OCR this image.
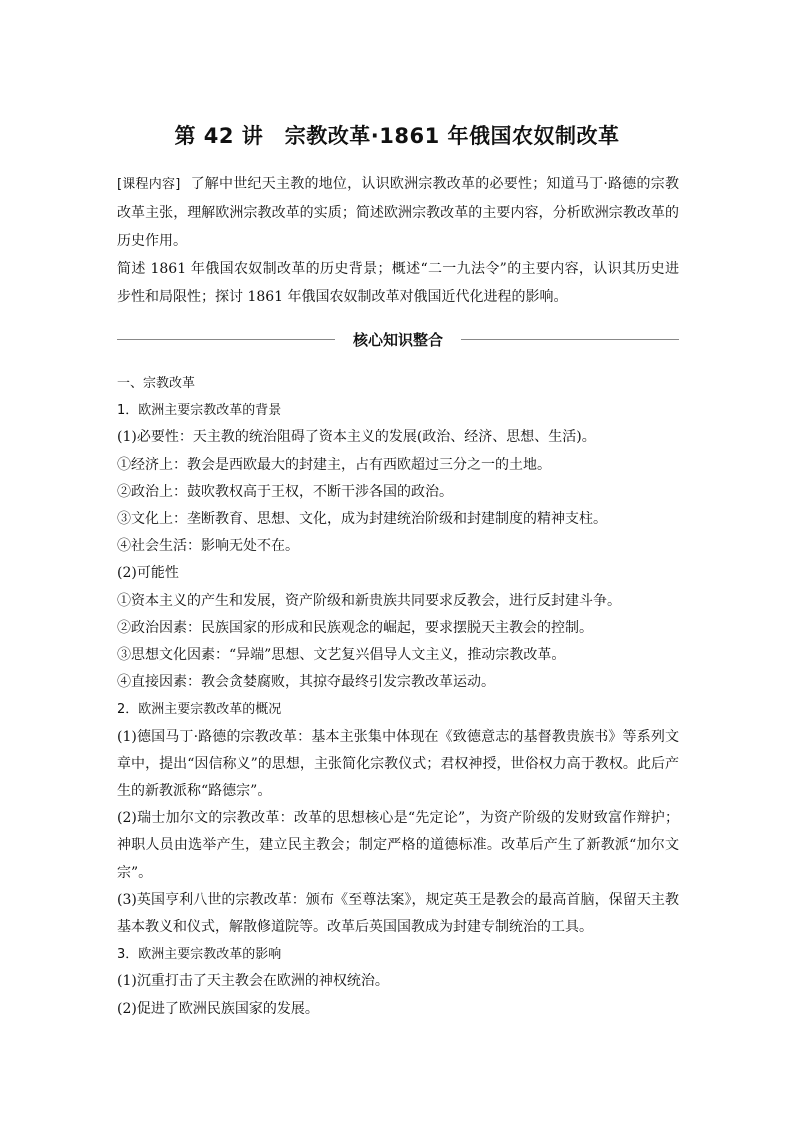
第 42 讲　宗教改革·1861 年俄国农奴制改革

[课程内容] 了解中世纪天主教的地位，认识欧洲宗教改革的必要性；知道马丁·路德的宗教改革主张，理解欧洲宗教改革的实质；简述欧洲宗教改革的主要内容，分析欧洲宗教改革的历史作用。

简述 1861 年俄国农奴制改革的历史背景；概述“二一九法令”的主要内容，认识其历史进步性和局限性；探讨 1861 年俄国农奴制改革对俄国近代化进程的影响。

核心知识整合

一、宗教改革

1．欧洲主要宗教改革的背景

(1)必要性：天主教的统治阻碍了资本主义的发展(政治、经济、思想、生活)。

①经济上：教会是西欧最大的封建主，占有西欧超过三分之一的土地。

②政治上：鼓吹教权高于王权，不断干涉各国的政治。

③文化上：垄断教育、思想、文化，成为封建统治阶级和封建制度的精神支柱。

④社会生活：影响无处不在。

(2)可能性

①资本主义的产生和发展，资产阶级和新贵族共同要求反教会，进行反封建斗争。

②政治因素：民族国家的形成和民族观念的崛起，要求摆脱天主教会的控制。

③思想文化因素：“异端”思想、文艺复兴倡导人文主义，推动宗教改革。

④直接因素：教会贪婪腐败，其掠夺最终引发宗教改革运动。

2．欧洲主要宗教改革的概况

(1)德国马丁·路德的宗教改革：基本主张集中体现在《致德意志的基督教贵族书》等系列文章中，提出“因信称义”的思想，主张简化宗教仪式；君权神授，世俗权力高于教权。此后产生的新教派称“路德宗”。

(2)瑞士加尔文的宗教改革：改革的思想核心是“先定论”，为资产阶级的发财致富作辩护；神职人员由选举产生，建立民主教会；制定严格的道德标准。改革后产生了新教派“加尔文宗”。

(3)英国亨利八世的宗教改革：颁布《至尊法案》，规定英王是教会的最高首脑，保留天主教基本教义和仪式，解散修道院等。改革后英国国教成为封建专制统治的工具。

3．欧洲主要宗教改革的影响

(1)沉重打击了天主教会在欧洲的神权统治。

(2)促进了欧洲民族国家的发展。
